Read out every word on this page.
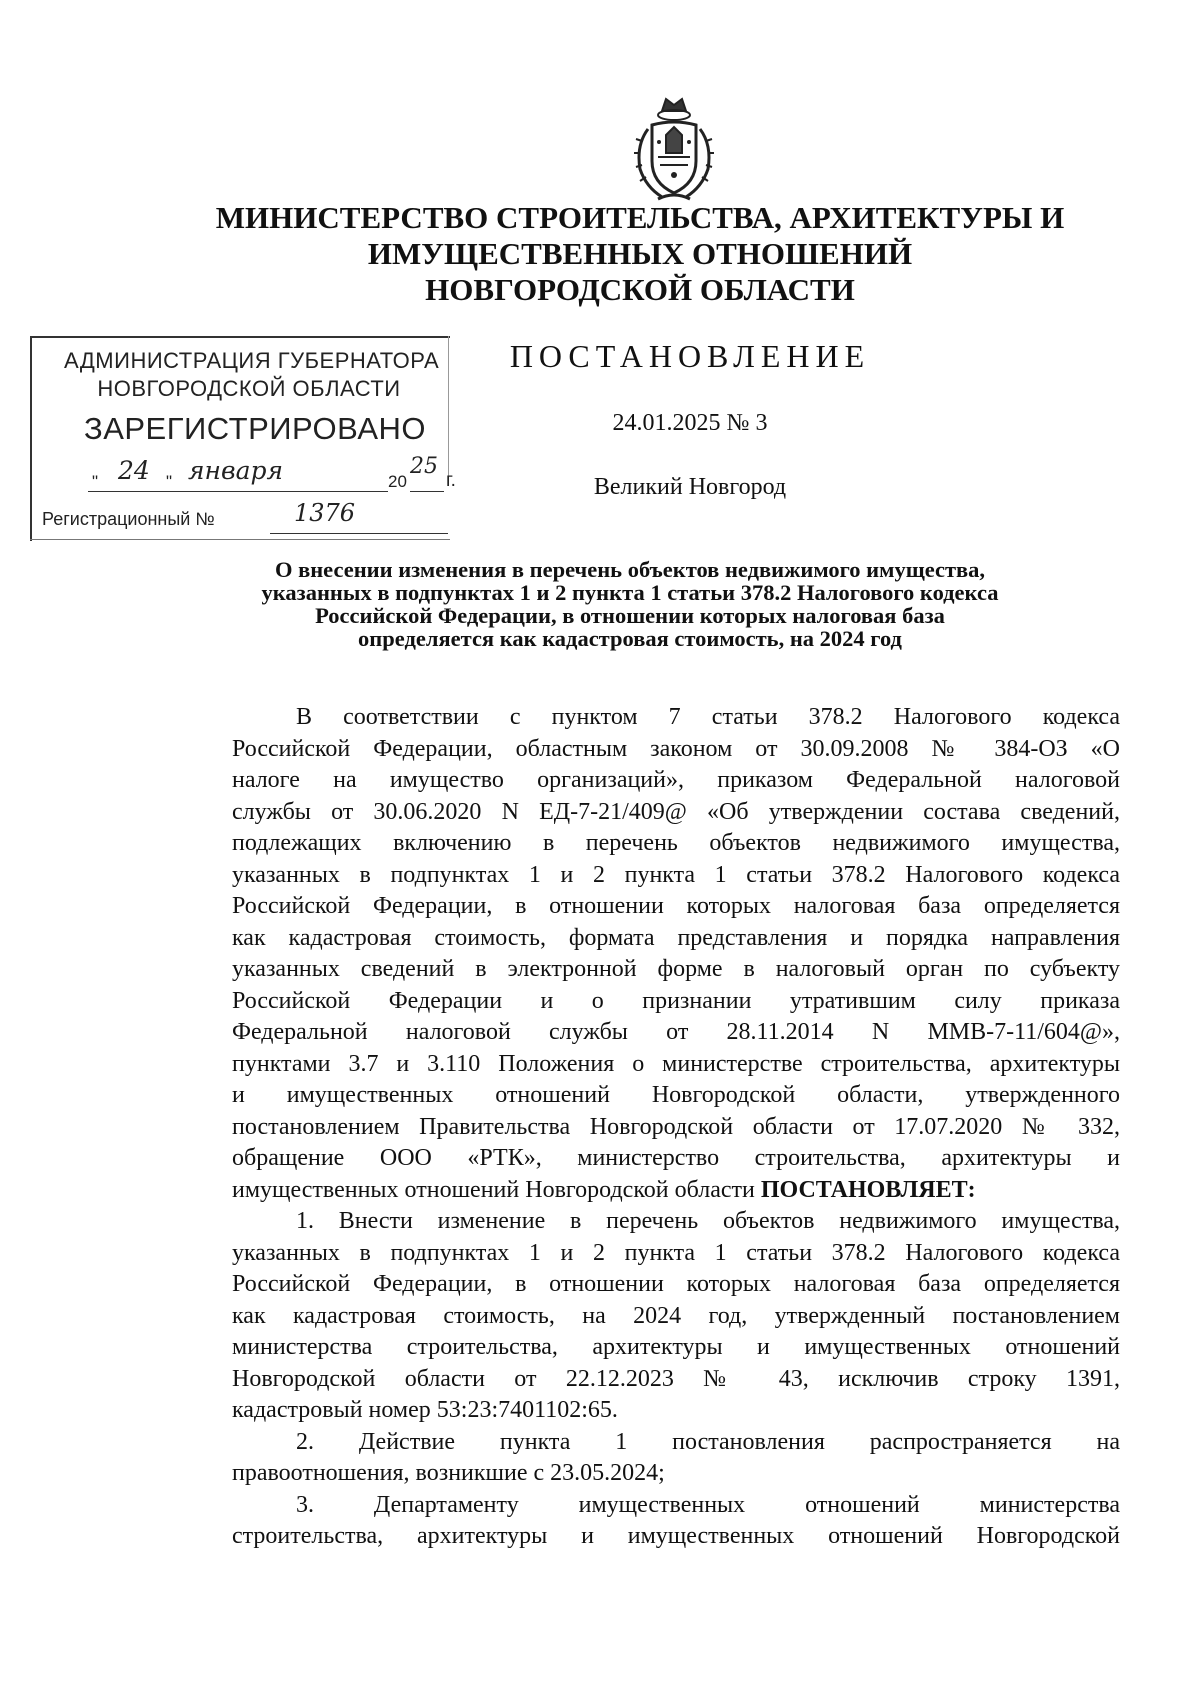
МИНИСТЕРСТВО СТРОИТЕЛЬСТВА, АРХИТЕКТУРЫ И
ИМУЩЕСТВЕННЫХ ОТНОШЕНИЙ
НОВГОРОДСКОЙ ОБЛАСТИ
АДМИНИСТРАЦИЯ ГУБЕРНАТОРА
НОВГОРОДСКОЙ ОБЛАСТИ
ЗАРЕГИСТРИРОВАНО
" 24 " января	20
25
г.
Регистрационный №	1376
ПОСТАНОВЛЕНИЕ
24.01.2025 № 3
Великий Новгород
О внесении изменения в перечень объектов недвижимого имущества,
указанных в подпунктах 1 и 2 пункта 1 статьи 378.2 Налогового кодекса
Российской Федерации, в отношении которых налоговая база
определяется как кадастровая стоимость, на 2024 год
В соответствии с пунктом 7 статьи 378.2 Налогового кодекса
Российской Федерации, областным законом от 30.09.2008 № 384-ОЗ «О
налоге на имущество организаций», приказом Федеральной налоговой
службы от 30.06.2020 N ЕД-7-21/409@ «Об утверждении состава сведений,
подлежащих включению в перечень объектов недвижимого имущества,
указанных в подпунктах 1 и 2 пункта 1 статьи 378.2 Налогового кодекса
Российской Федерации, в отношении которых налоговая база определяется
как кадастровая стоимость, формата представления и порядка направления
указанных сведений в электронной форме в налоговый орган по субъекту
Российской Федерации и о признании утратившим силу приказа
Федеральной налоговой службы от 28.11.2014 N ММВ-7-11/604@»,
пунктами 3.7 и 3.110 Положения о министерстве строительства, архитектуры
и имущественных отношений Новгородской области, утвержденного
постановлением Правительства Новгородской области от 17.07.2020 № 332,
обращение ООО «РТК», министерство строительства, архитектуры и
имущественных отношений Новгородской области ПОСТАНОВЛЯЕТ:
1. Внести изменение в перечень объектов недвижимого имущества,
указанных в подпунктах 1 и 2 пункта 1 статьи 378.2 Налогового кодекса
Российской Федерации, в отношении которых налоговая база определяется
как кадастровая стоимость, на 2024 год, утвержденный постановлением
министерства строительства, архитектуры и имущественных отношений
Новгородской области от 22.12.2023 № 43, исключив строку 1391,
кадастровый номер 53:23:7401102:65.
2. Действие пункта 1 постановления распространяется на
правоотношения, возникшие с 23.05.2024;
3. Департаменту имущественных отношений министерства
строительства, архитектуры и имущественных отношений Новгородской
